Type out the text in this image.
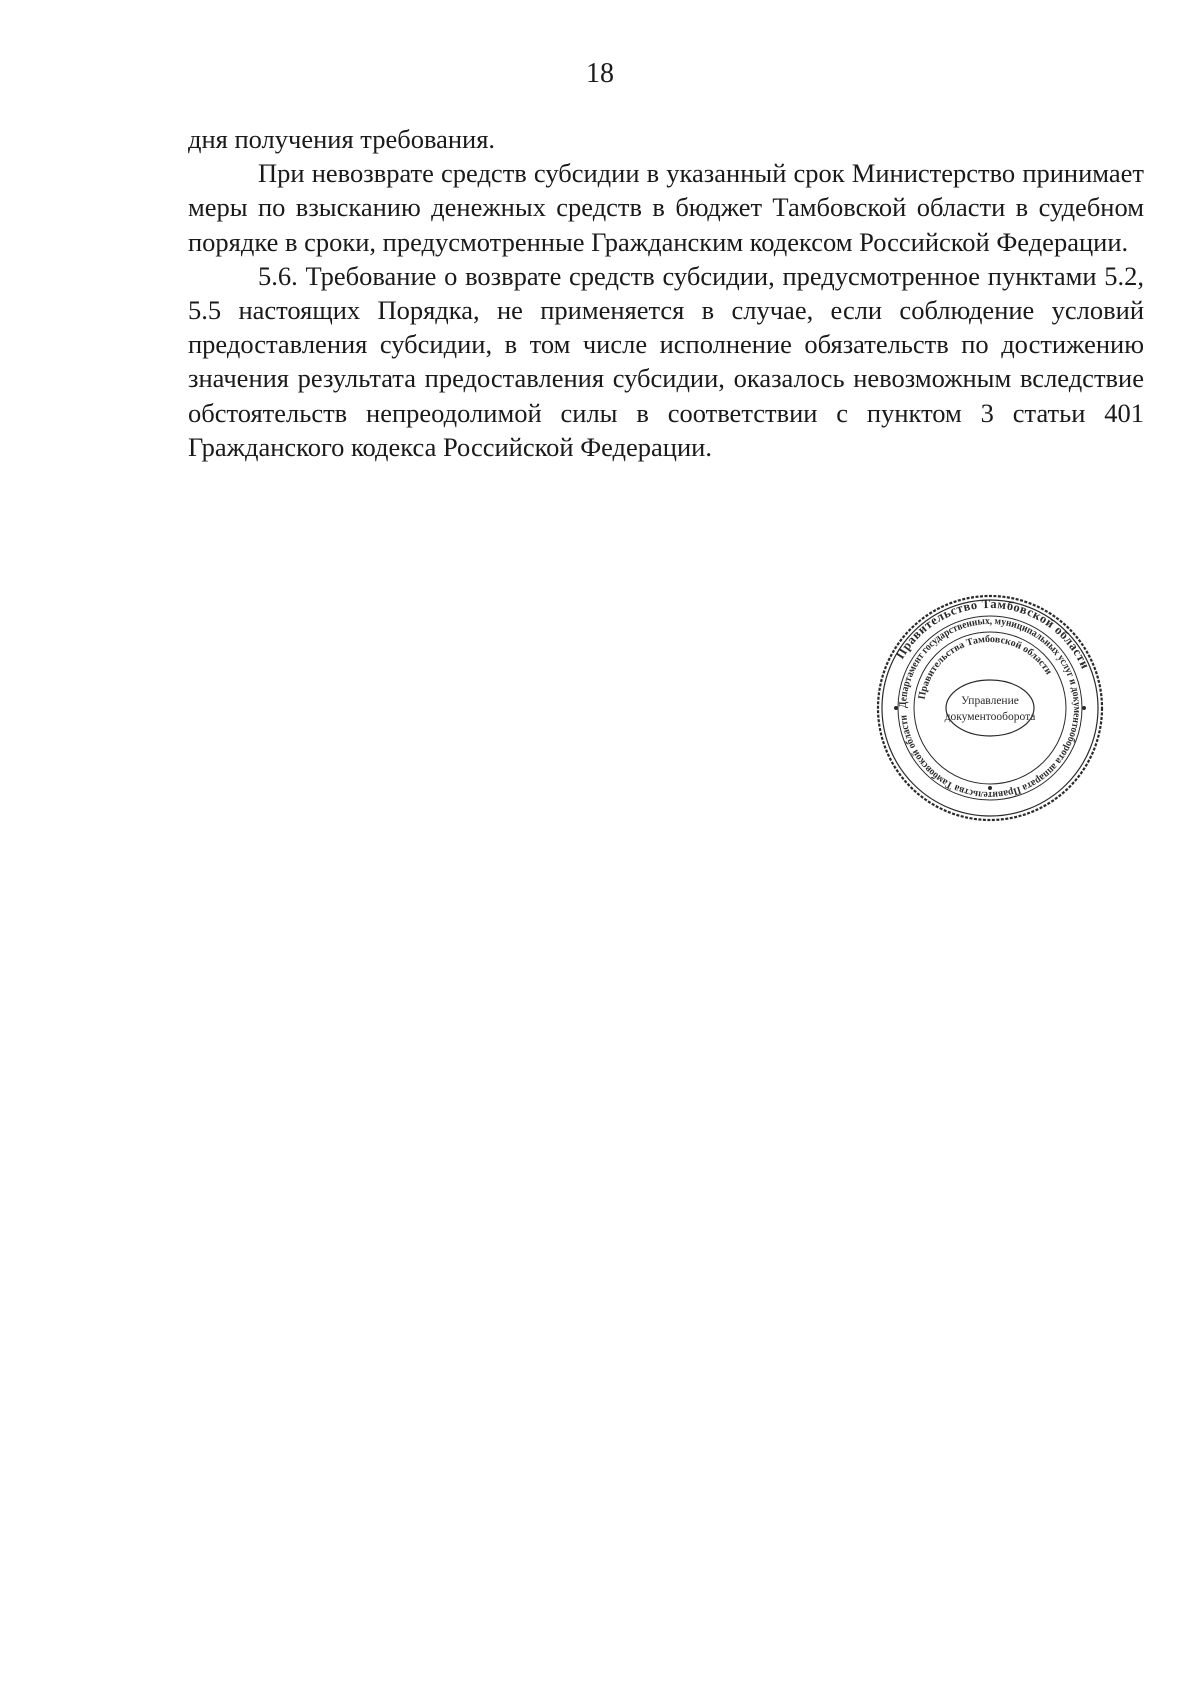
18

дня получения требования.

При невозврате средств субсидии в указанный срок Министерство принимает меры по взысканию денежных средств в бюджет Тамбовской области в судебном порядке в сроки, предусмотренные Гражданским кодексом Российской Федерации.

5.6. Требование о возврате средств субсидии, предусмотренное пунктами 5.2, 5.5 настоящих Порядка, не применяется в случае, если соблюдение условий предоставления субсидии, в том числе исполнение обязательств по достижению значения результата предоставления субсидии, оказалось невозможным вследствие обстоятельств непреодолимой силы в соответствии с пунктом 3 статьи 401 Гражданского кодекса Российской Федерации.

Правительство Тамбовской области
Департамент государственных, муниципальных услуг и документооборота аппарата Правительства Тамбовской области
Правительства Тамбовской области
Управление
документооборота
